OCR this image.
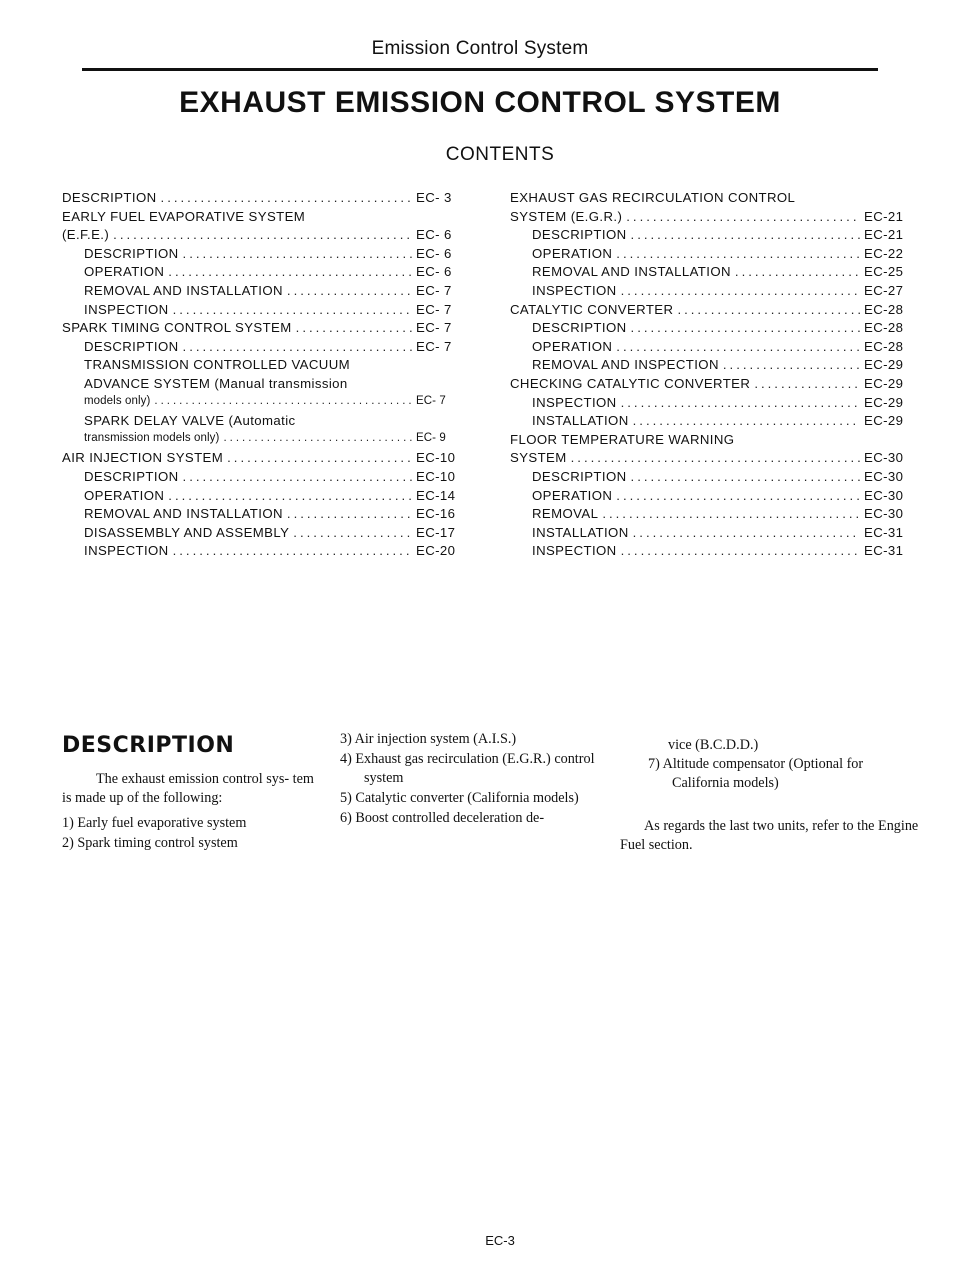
Emission Control System
EXHAUST EMISSION CONTROL SYSTEM
CONTENTS
DESCRIPTION .....	EC- 3
EARLY FUEL EVAPORATIVE SYSTEM
(E.F.E.) .....	EC- 6
DESCRIPTION .....	EC- 6
OPERATION .....	EC- 6
REMOVAL AND INSTALLATION .....	EC- 7
INSPECTION .....	EC- 7
SPARK TIMING CONTROL SYSTEM .....	EC- 7
DESCRIPTION .....	EC- 7
TRANSMISSION CONTROLLED VACUUM
ADVANCE SYSTEM (Manual transmission
models only) .....	EC- 7
SPARK DELAY VALVE (Automatic
transmission models only) .....	EC- 9
AIR INJECTION SYSTEM .....	EC-10
DESCRIPTION .....	EC-10
OPERATION .....	EC-14
REMOVAL AND INSTALLATION .....	EC-16
DISASSEMBLY AND ASSEMBLY .....	EC-17
INSPECTION .....	EC-20
EXHAUST GAS RECIRCULATION CONTROL
SYSTEM (E.G.R.) .....	EC-21
DESCRIPTION .....	EC-21
OPERATION .....	EC-22
REMOVAL AND INSTALLATION .....	EC-25
INSPECTION .....	EC-27
CATALYTIC CONVERTER .....	EC-28
DESCRIPTION .....	EC-28
OPERATION .....	EC-28
REMOVAL AND INSPECTION .....	EC-29
CHECKING CATALYTIC CONVERTER .....	EC-29
INSPECTION .....	EC-29
INSTALLATION .....	EC-29
FLOOR TEMPERATURE WARNING
SYSTEM .....	EC-30
DESCRIPTION .....	EC-30
OPERATION .....	EC-30
REMOVAL .....	EC-30
INSTALLATION .....	EC-31
INSPECTION .....	EC-31
DESCRIPTION

The exhaust emission control sys- tem is made up of the following:

1) Early fuel evaporative system
2) Spark timing control system
3) Air injection system (A.I.S.)
4) Exhaust gas recirculation (E.G.R.) control system
5) Catalytic converter (California models)
6) Boost controlled deceleration de-
vice (B.C.D.D.)
7) Altitude compensator (Optional for California models)
As regards the last two units, refer to the Engine Fuel section.
EC-3
